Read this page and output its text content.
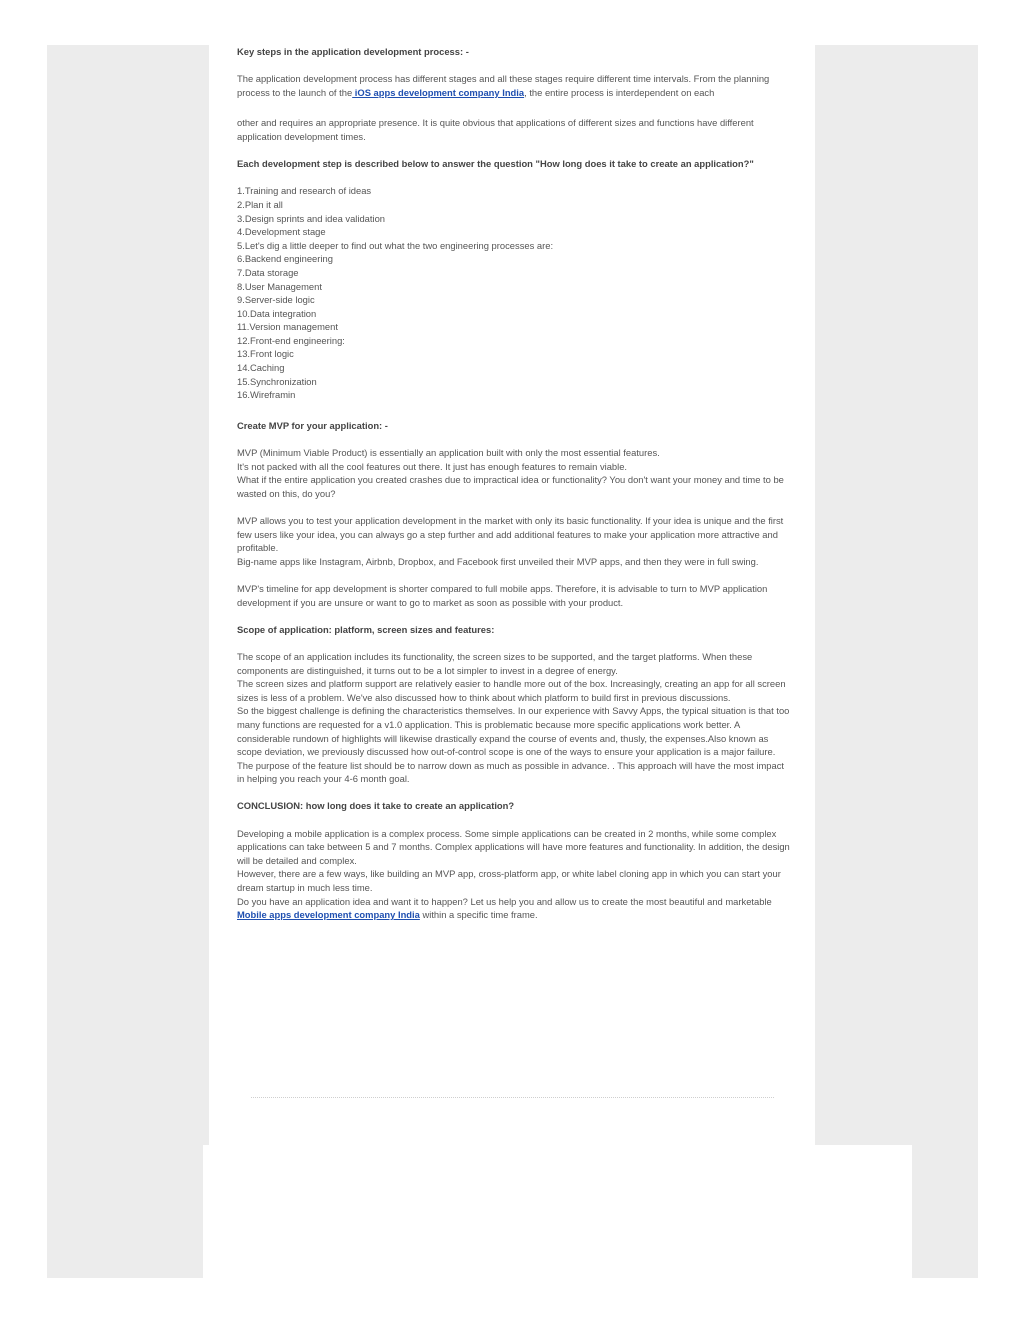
Key steps in the application development process: -

The application development process has different stages and all these stages require different time intervals. From the planning process to the launch of the iOS apps development company India, the entire process is interdependent on each

other and requires an appropriate presence. It is quite obvious that applications of different sizes and functions have different application development times.

Each development step is described below to answer the question "How long does it take to create an application?"

1.Training and research of ideas
2.Plan it all
3.Design sprints and idea validation
4.Development stage
5.Let's dig a little deeper to find out what the two engineering processes are:
6.Backend engineering
7.Data storage
8.User Management
9.Server-side logic
10.Data integration
11.Version management
12.Front-end engineering:
13.Front logic
14.Caching
15.Synchronization
16.Wireframin

Create MVP for your application: -

MVP (Minimum Viable Product) is essentially an application built with only the most essential features.

It's not packed with all the cool features out there. It just has enough features to remain viable.

What if the entire application you created crashes due to impractical idea or functionality? You don't want your money and time to be wasted on this, do you?

MVP allows you to test your application development in the market with only its basic functionality. If your idea is unique and the first few users like your idea, you can always go a step further and add additional features to make your application more attractive and profitable.

Big-name apps like Instagram, Airbnb, Dropbox, and Facebook first unveiled their MVP apps, and then they were in full swing.

MVP's timeline for app development is shorter compared to full mobile apps. Therefore, it is advisable to turn to MVP application development if you are unsure or want to go to market as soon as possible with your product.

Scope of application: platform, screen sizes and features:

The scope of an application includes its functionality, the screen sizes to be supported, and the target platforms. When these components are distinguished, it turns out to be a lot simpler to invest in a degree of energy.

The screen sizes and platform support are relatively easier to handle more out of the box. Increasingly, creating an app for all screen sizes is less of a problem. We've also discussed how to think about which platform to build first in previous discussions.

So the biggest challenge is defining the characteristics themselves. In our experience with Savvy Apps, the typical situation is that too many functions are requested for a v1.0 application. This is problematic because more specific applications work better. A considerable rundown of highlights will likewise drastically expand the course of events and, thusly, the expenses.Also known as scope deviation, we previously discussed how out-of-control scope is one of the ways to ensure your application is a major failure.

The purpose of the feature list should be to narrow down as much as possible in advance. . This approach will have the most impact in helping you reach your 4-6 month goal.

CONCLUSION: how long does it take to create an application?

Developing a mobile application is a complex process. Some simple applications can be created in 2 months, while some complex applications can take between 5 and 7 months. Complex applications will have more features and functionality. In addition, the design will be detailed and complex.

However, there are a few ways, like building an MVP app, cross-platform app, or white label cloning app in which you can start your dream startup in much less time.

Do you have an application idea and want it to happen? Let us help you and allow us to create the most beautiful and marketable Mobile apps development company India within a specific time frame.
